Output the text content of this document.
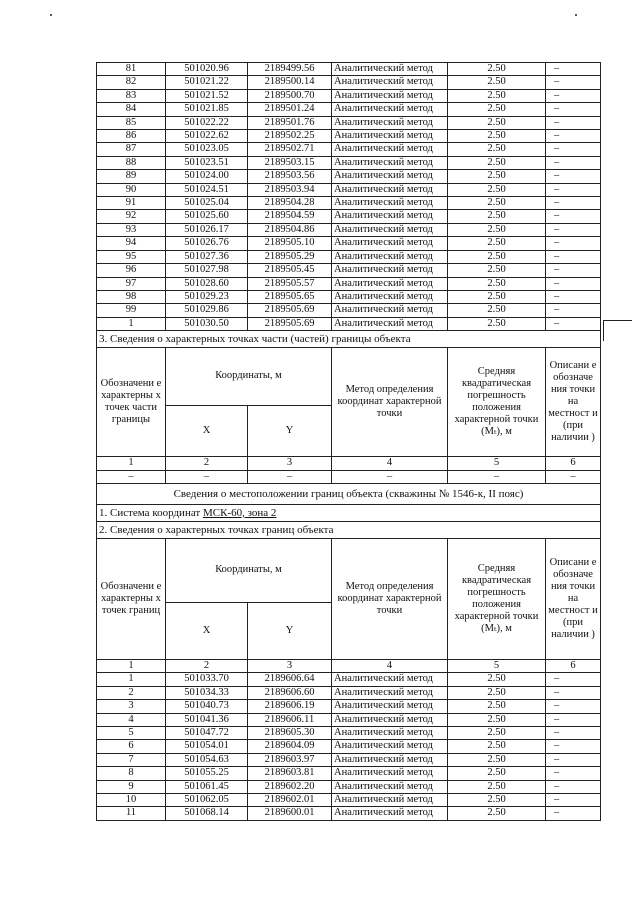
81	501020.96	2189499.56	Аналитический метод	2.50	–
82	501021.22	2189500.14	Аналитический метод	2.50	–
83	501021.52	2189500.70	Аналитический метод	2.50	–
84	501021.85	2189501.24	Аналитический метод	2.50	–
85	501022.22	2189501.76	Аналитический метод	2.50	–
86	501022.62	2189502.25	Аналитический метод	2.50	–
87	501023.05	2189502.71	Аналитический метод	2.50	–
88	501023.51	2189503.15	Аналитический метод	2.50	–
89	501024.00	2189503.56	Аналитический метод	2.50	–
90	501024.51	2189503.94	Аналитический метод	2.50	–
91	501025.04	2189504.28	Аналитический метод	2.50	–
92	501025.60	2189504.59	Аналитический метод	2.50	–
93	501026.17	2189504.86	Аналитический метод	2.50	–
94	501026.76	2189505.10	Аналитический метод	2.50	–
95	501027.36	2189505.29	Аналитический метод	2.50	–
96	501027.98	2189505.45	Аналитический метод	2.50	–
97	501028.60	2189505.57	Аналитический метод	2.50	–
98	501029.23	2189505.65	Аналитический метод	2.50	–
99	501029.86	2189505.69	Аналитический метод	2.50	–
1	501030.50	2189505.69	Аналитический метод	2.50	–
3. Сведения о характерных точках части (частей) границы объекта					
Обозначени е характерны х точек части границы	Координаты, м		Метод определения координат характерной точки	Средняя квадратическая погрешность положения характерной точки (Mₜ), м	Описани е обозначе ния точки на местност и (при наличии )
	X	Y			
1	2	3	4	5	6
–	–	–	–	–	–
Сведения о местоположении границ объекта (скважины № 1546-к, II пояс)					
1. Система координат МСК-60, зона 2					
2. Сведения о характерных точках границ объекта					
Обозначени е характерны х точек границ	Координаты, м		Метод определения координат характерной точки	Средняя квадратическая погрешность положения характерной точки (Mₜ), м	Описани е обозначе ния точки на местност и (при наличии )
	X	Y			
1	2	3	4	5	6
1	501033.70	2189606.64	Аналитический метод	2.50	–
2	501034.33	2189606.60	Аналитический метод	2.50	–
3	501040.73	2189606.19	Аналитический метод	2.50	–
4	501041.36	2189606.11	Аналитический метод	2.50	–
5	501047.72	2189605.30	Аналитический метод	2.50	–
6	501054.01	2189604.09	Аналитический метод	2.50	–
7	501054.63	2189603.97	Аналитический метод	2.50	–
8	501055.25	2189603.81	Аналитический метод	2.50	–
9	501061.45	2189602.20	Аналитический метод	2.50	–
10	501062.05	2189602.01	Аналитический метод	2.50	–
11	501068.14	2189600.01	Аналитический метод	2.50	–
